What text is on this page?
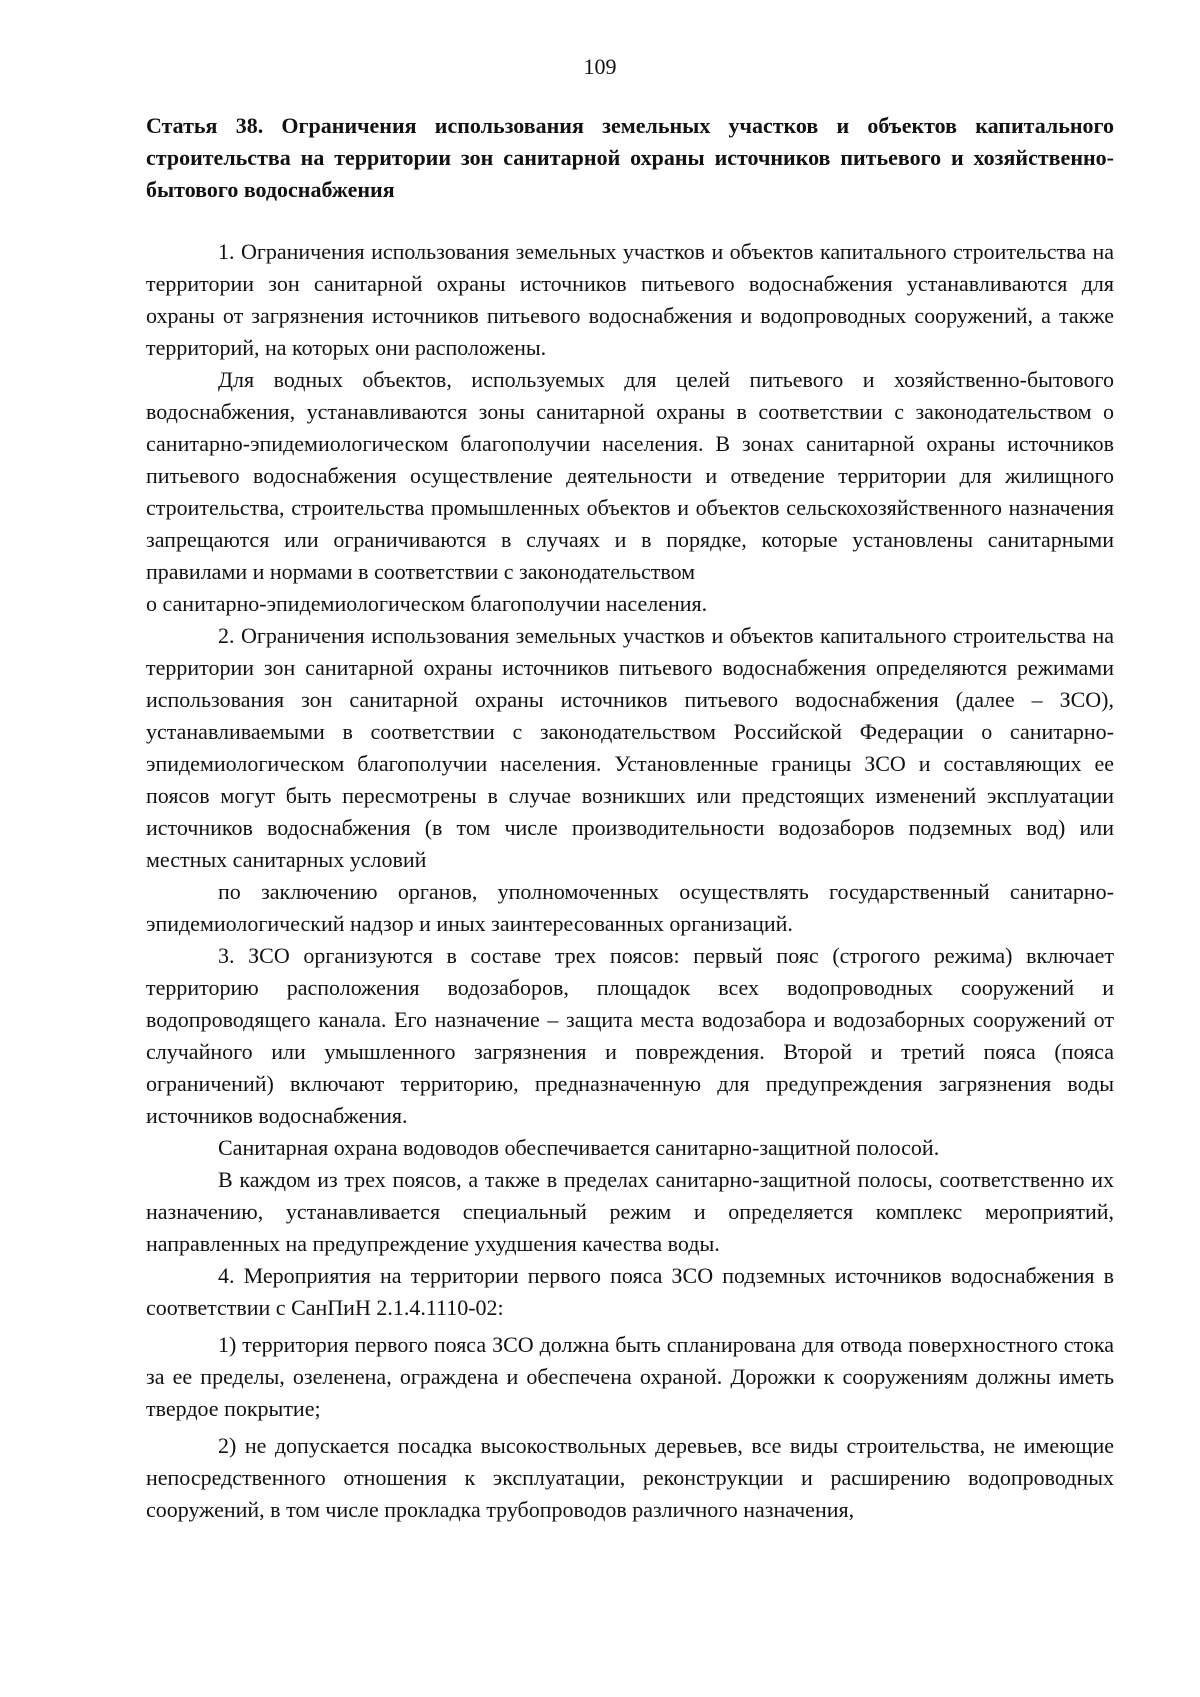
109

Статья 38. Ограничения использования земельных участков и объектов капитального строительства на территории зон санитарной охраны источников питьевого и хозяйственно-бытового водоснабжения

1. Ограничения использования земельных участков и объектов капитального строительства на территории зон санитарной охраны источников питьевого водоснабжения устанавливаются для охраны от загрязнения источников питьевого водоснабжения и водопроводных сооружений, а также территорий, на которых они расположены.

Для водных объектов, используемых для целей питьевого и хозяйственно-бытового водоснабжения, устанавливаются зоны санитарной охраны в соответствии с законодательством о санитарно-эпидемиологическом благополучии населения. В зонах санитарной охраны источников питьевого водоснабжения осуществление деятельности и отведение территории для жилищного строительства, строительства промышленных объектов и объектов сельскохозяйственного назначения запрещаются или ограничиваются в случаях и в порядке, которые установлены санитарными правилами и нормами в соответствии с законодательством

о санитарно-эпидемиологическом благополучии населения.

2. Ограничения использования земельных участков и объектов капитального строительства на территории зон санитарной охраны источников питьевого водоснабжения определяются режимами использования зон санитарной охраны источников питьевого водоснабжения (далее – ЗСО), устанавливаемыми в соответствии с законодательством Российской Федерации о санитарно-эпидемиологическом благополучии населения. Установленные границы ЗСО и составляющих ее поясов могут быть пересмотрены в случае возникших или предстоящих изменений эксплуатации источников водоснабжения (в том числе производительности водозаборов подземных вод) или местных санитарных условий

по заключению органов, уполномоченных осуществлять государственный санитарно-эпидемиологический надзор и иных заинтересованных организаций.

3. ЗСО организуются в составе трех поясов: первый пояс (строгого режима) включает территорию расположения водозаборов, площадок всех водопроводных сооружений и водопроводящего канала. Его назначение – защита места водозабора и водозаборных сооружений от случайного или умышленного загрязнения и повреждения. Второй и третий пояса (пояса ограничений) включают территорию, предназначенную для предупреждения загрязнения воды источников водоснабжения.

Санитарная охрана водоводов обеспечивается санитарно-защитной полосой.

В каждом из трех поясов, а также в пределах санитарно-защитной полосы, соответственно их назначению, устанавливается специальный режим и определяется комплекс мероприятий, направленных на предупреждение ухудшения качества воды.

4. Мероприятия на территории первого пояса ЗСО подземных источников водоснабжения в соответствии с СанПиН 2.1.4.1110-02:

1) территория первого пояса ЗСО должна быть спланирована для отвода поверхностного стока за ее пределы, озеленена, ограждена и обеспечена охраной. Дорожки к сооружениям должны иметь твердое покрытие;

2) не допускается посадка высокоствольных деревьев, все виды строительства, не имеющие непосредственного отношения к эксплуатации, реконструкции и расширению водопроводных сооружений, в том числе прокладка трубопроводов различного назначения,
